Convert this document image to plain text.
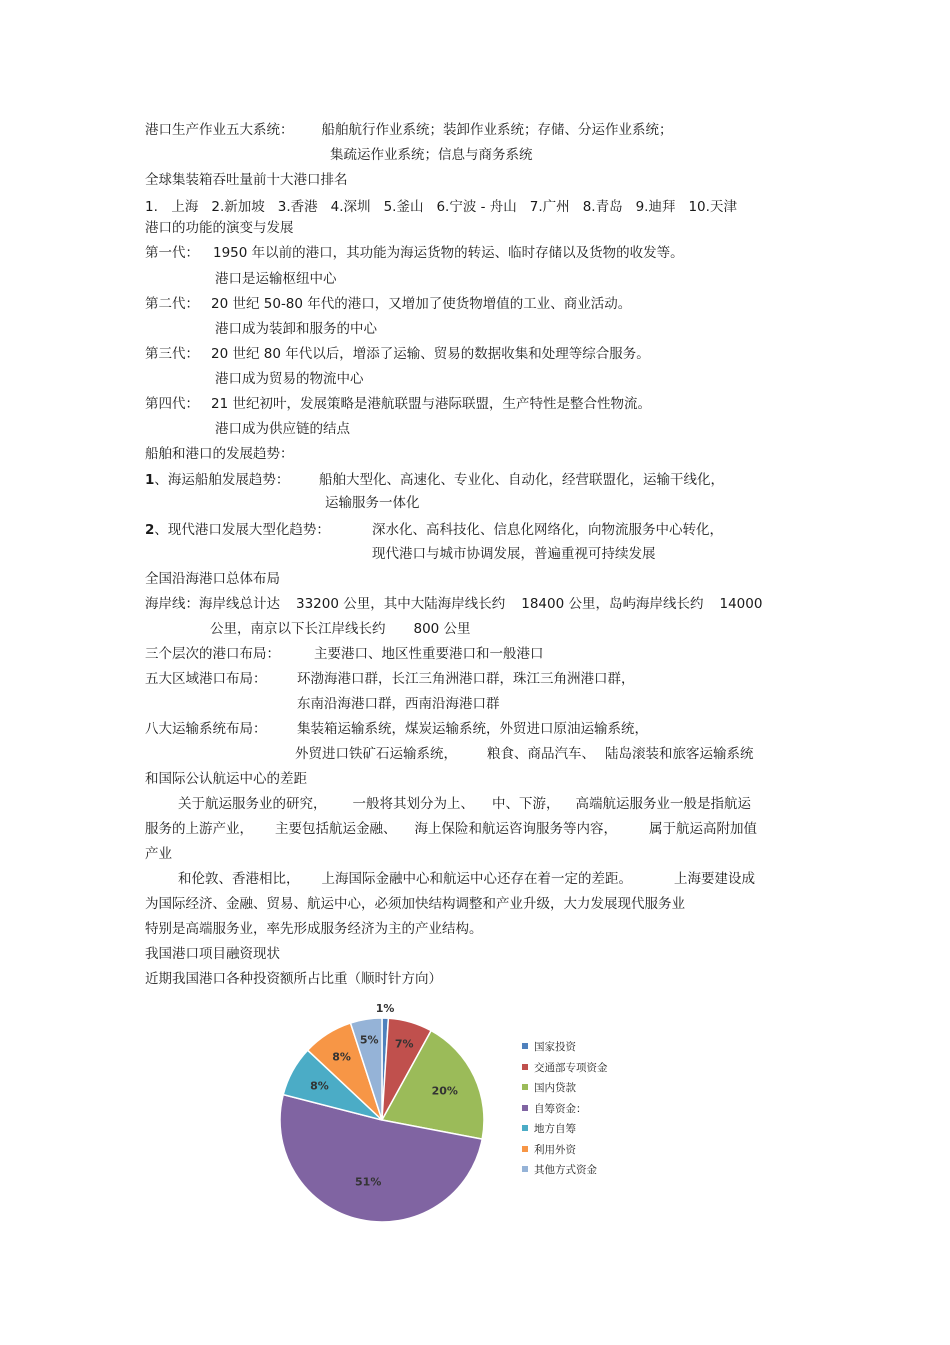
港口生产作业五大系统： 船舶航行作业系统；装卸作业系统；存储、分运作业系统；
集疏运作业系统；信息与商务系统
全球集装箱吞吐量前十大港口排名
1.　上海 2.新加坡 3.香港 4.深圳 5.釜山 6.宁波 - 舟山 7.广州 8.青岛 9.迪拜 10.天津
港口的功能的演变与发展
第一代： 1950 年以前的港口，其功能为海运货物的转运、临时存储以及货物的收发等。
港口是运输枢纽中心
第二代： 20 世纪 50-80 年代的港口，又增加了使货物增值的工业、商业活动。
港口成为装卸和服务的中心
第三代： 20 世纪 80 年代以后，增添了运输、贸易的数据收集和处理等综合服务。
港口成为贸易的物流中心
第四代： 21 世纪初叶，发展策略是港航联盟与港际联盟，生产特性是整合性物流。
港口成为供应链的结点
船舶和港口的发展趋势：
1、海运船舶发展趋势： 船舶大型化、高速化、专业化、自动化，经营联盟化，运输干线化，
运输服务一体化
2、现代港口发展大型化趋势：	深水化、高科技化、信息化网络化，向物流服务中心转化，
现代港口与城市协调发展，普遍重视可持续发展
全国沿海港口总体布局
海岸线：海岸线总计达 33200 公里，其中大陆海岸线长约 18400 公里，岛屿海岸线长约 14000
公里，南京以下长江岸线长约 800 公里
三个层次的港口布局：	主要港口、地区性重要港口和一般港口
五大区域港口布局： 环渤海港口群，长江三角洲港口群，珠江三角洲港口群，
东南沿海港口群，西南沿海港口群
八大运输系统布局： 集装箱运输系统，煤炭运输系统，外贸进口原油运输系统，
外贸进口铁矿石运输系统， 粮食、商品汽车、 陆岛滚装和旅客运输系统
和国际公认航运中心的差距
关于航运服务业的研究， 一般将其划分为上、 中、下游， 高端航运服务业一般是指航运
服务的上游产业， 主要包括航运金融、 海上保险和航运咨询服务等内容， 属于航运高附加值
产业
和伦敦、香港相比， 上海国际金融中心和航运中心还存在着一定的差距。	上海要建设成
为国际经济、金融、贸易、航运中心，必须加快结构调整和产业升级，大力发展现代服务业
特别是高端服务业，率先形成服务经济为主的产业结构。
我国港口项目融资现状
近期我国港口各种投资额所占比重（顺时针方向）
1%
7%
20%
51%
8%
8%
5%
国家投资
交通部专项资金
国内贷款
自筹资金：
地方自筹
利用外资
其他方式资金
